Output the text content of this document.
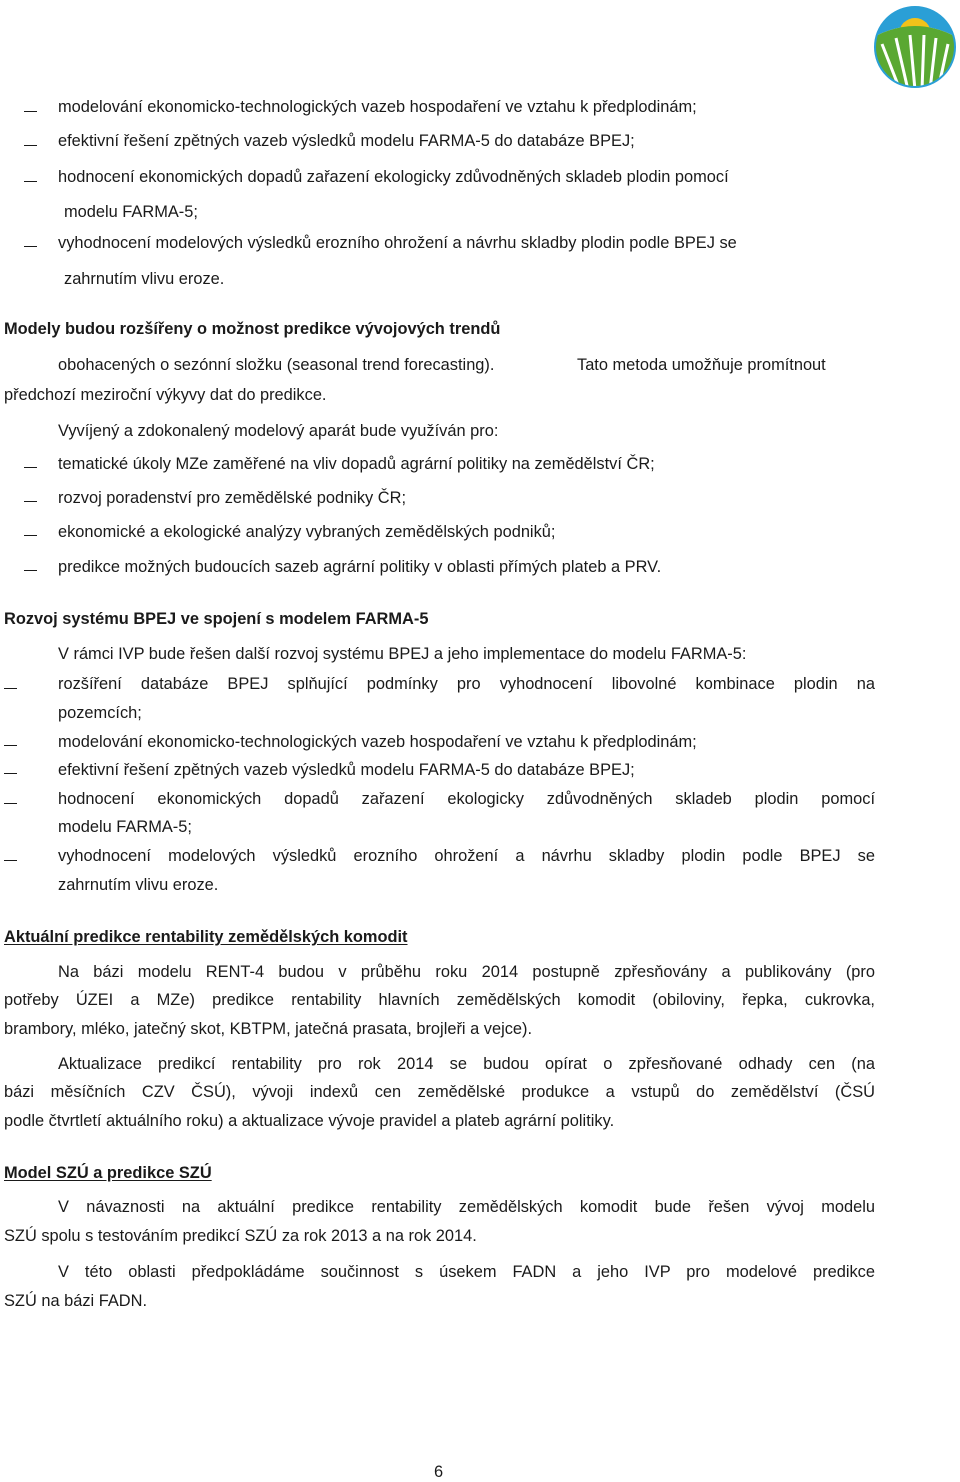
modelování ekonomicko-technologických vazeb hospodaření ve vztahu k předplodinám;
efektivní řešení zpětných vazeb výsledků modelu FARMA-5 do databáze BPEJ;
hodnocení ekonomických dopadů zařazení ekologicky zdůvodněných skladeb plodin pomocí
modelu FARMA-5;
vyhodnocení modelových výsledků erozního ohrožení a návrhu skladby plodin podle BPEJ se
zahrnutím vlivu eroze.
Modely budou rozšířeny o možnost predikce vývojových trendů
obohacených o sezónní složku (seasonal trend forecasting).	Tato metoda umožňuje promítnout
předchozí meziroční výkyvy dat do predikce.
Vyvíjený a zdokonalený modelový aparát bude využíván pro:
tematické úkoly MZe zaměřené na vliv dopadů agrární politiky na zemědělství ČR;
rozvoj poradenství pro zemědělské podniky ČR;
ekonomické a ekologické analýzy vybraných zemědělských podniků;
predikce možných budoucích sazeb agrární politiky v oblasti přímých plateb a PRV.
Rozvoj systému BPEJ ve spojení s modelem FARMA-5
V rámci IVP bude řešen další rozvoj systému BPEJ a jeho implementace do modelu FARMA-5:
rozšíření databáze BPEJ splňující podmínky pro vyhodnocení libovolné kombinace plodin na
pozemcích;
modelování ekonomicko-technologických vazeb hospodaření ve vztahu k předplodinám;
efektivní řešení zpětných vazeb výsledků modelu FARMA-5 do databáze BPEJ;
hodnocení ekonomických dopadů zařazení ekologicky zdůvodněných skladeb plodin pomocí
modelu FARMA-5;
vyhodnocení modelových výsledků erozního ohrožení a návrhu skladby plodin podle BPEJ se
zahrnutím vlivu eroze.
Aktuální predikce rentability zemědělských komodit
Na bázi modelu RENT-4 budou v průběhu roku 2014 postupně zpřesňovány a publikovány (pro
potřeby ÚZEI a MZe) predikce rentability hlavních zemědělských komodit (obiloviny, řepka, cukrovka,
brambory, mléko, jatečný skot, KBTPM, jatečná prasata, brojleři a vejce).
Aktualizace predikcí rentability pro rok 2014 se budou opírat o zpřesňované odhady cen (na
bázi měsíčních CZV ČSÚ), vývoji indexů cen zemědělské produkce a vstupů do zemědělství (ČSÚ
podle čtvrtletí aktuálního roku) a aktualizace vývoje pravidel a plateb agrární politiky.
Model SZÚ a predikce SZÚ
V návaznosti na aktuální predikce rentability zemědělských komodit bude řešen vývoj modelu
SZÚ spolu s testováním predikcí SZÚ za rok 2013 a na rok 2014.
V této oblasti předpokládáme součinnost s úsekem FADN a jeho IVP pro modelové predikce
SZÚ na bázi FADN.
6
